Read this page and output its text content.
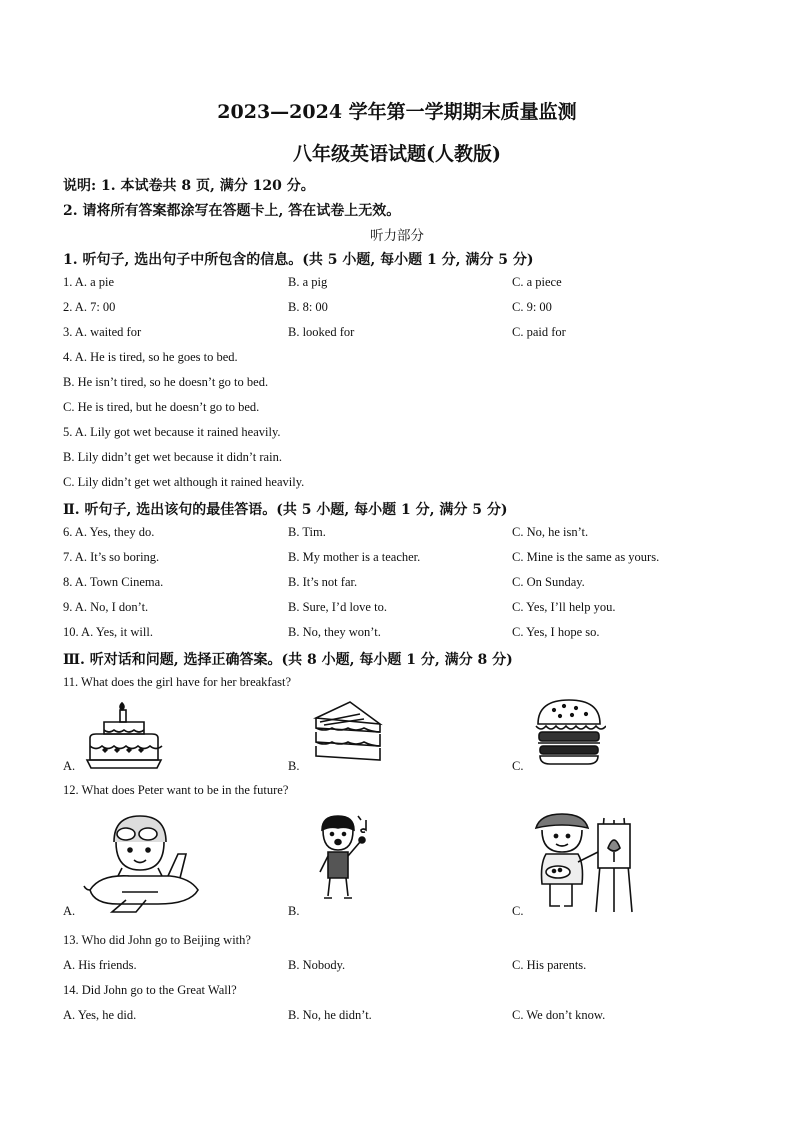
2023—2024 学年第一学期期末质量监测
八年级英语试题(人教版)
说明: 1. 本试卷共 8 页, 满分 120 分。
2. 请将所有答案都涂写在答题卡上, 答在试卷上无效。
听力部分
1. 听句子, 选出句子中所包含的信息。(共 5 小题, 每小题 1 分, 满分 5 分)
1. A. a pie	B. a pig	C. a piece
2. A. 7: 00	B. 8: 00	C. 9: 00
3. A. waited for	B. looked for	C. paid for
4. A. He is tired, so he goes to bed.
B. He isn’t tired, so he doesn’t go to bed.
C. He is tired, but he doesn’t go to bed.
5. A. Lily got wet because it rained heavily.
B. Lily didn’t get wet because it didn’t rain.
C. Lily didn’t get wet although it rained heavily.
Ⅱ. 听句子, 选出该句的最佳答语。(共 5 小题, 每小题 1 分, 满分 5 分)
6. A. Yes, they do.	B. Tim.	C. No, he isn’t.
7. A. It’s so boring.	B. My mother is a teacher.	C. Mine is the same as yours.
8. A. Town Cinema.	B. It’s not far.	C. On Sunday.
9. A. No, I don’t.	B. Sure, I’d love to.	C. Yes, I’ll help you.
10. A. Yes, it will.	B. No, they won’t.	C. Yes, I hope so.
Ⅲ. 听对话和问题, 选择正确答案。(共 8 小题, 每小题 1 分, 满分 8 分)
11. What does the girl have for her breakfast?
A.	B.	C.
12. What does Peter want to be in the future?
A.	B.	C.
13. Who did John go to Beijing with?
A. His friends.	B. Nobody.	C. His parents.
14. Did John go to the Great Wall?
A. Yes, he did.	B. No, he didn’t.	C. We don’t know.
